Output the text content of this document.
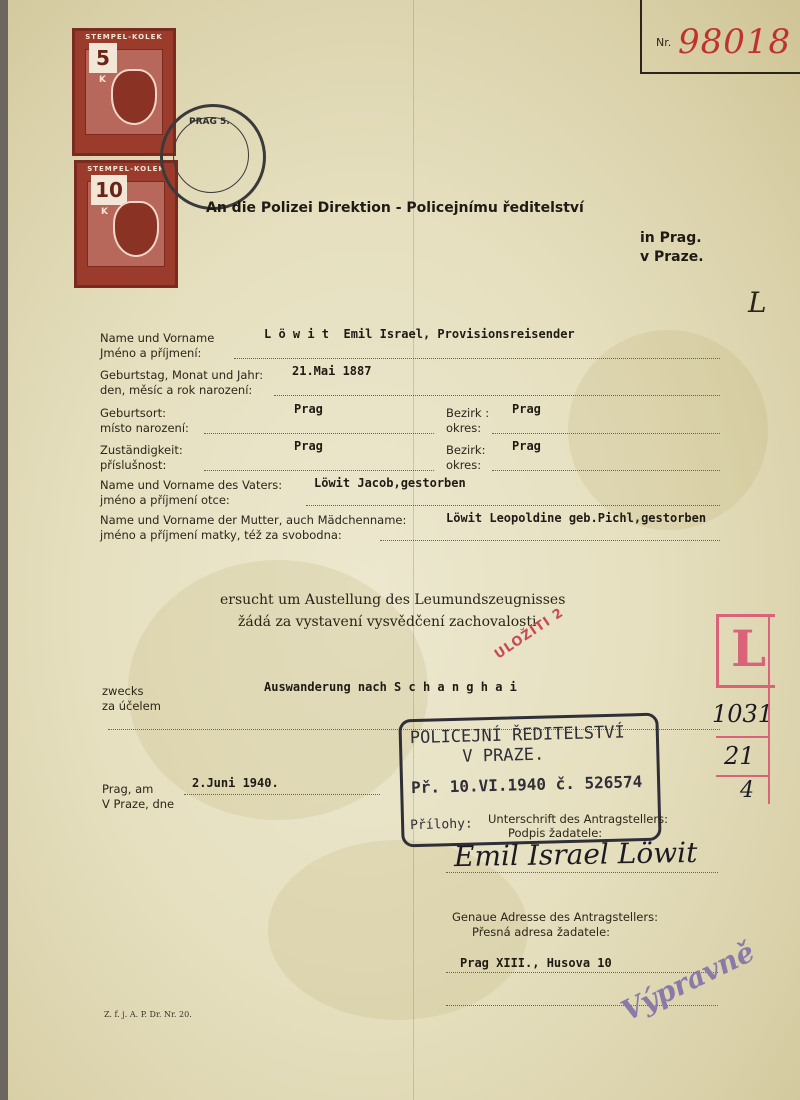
Nr. 98018
STEMPEL-KOLEK
5
K
STEMPEL-KOLEK
10
K
PRAG 5.
An die Polizei Direktion - Policejnímu ředitelství
in Prag.
v Praze.
L
Name und Vorname
Jméno a příjmení:
L ö w i t  Emil Israel, Provisionsreisender
Geburtstag, Monat und Jahr:
den, měsíc a rok narození:
21.Mai 1887
Geburtsort:
místo narození:
Prag	Bezirk :
okres:
Prag
Zuständigkeit:
příslušnost:
Prag	Bezirk:
okres:
Prag
Name und Vorname des Vaters:
jméno a příjmení otce:
Löwit Jacob,gestorben
Name und Vorname der Mutter, auch Mädchenname:
jméno a příjmení matky, též za svobodna:
Löwit Leopoldine geb.Pichl,gestorben
ersucht um Austellung des Leumundszeugnisses
žádá za vystavení vysvědčení zachovalosti
zwecks
za účelem
Auswanderung nach S c h a n g h a i
Prag, am
V Praze, dne
2.Juni 1940.
POLICEJNÍ ŘEDITELSTVÍ
V PRAZE.
Př. 10.VI.1940 č. 526574
Přílohy:
ULOŽITI 2
Unterschrift des Antragstellers:
Podpis žadatele:
Emil Israel Löwit
Genaue Adresse des Antragstellers:
Přesná adresa žadatele:
Prag XIII., Husova 10 Výpravně
L
1031
21
4
Z. f. j. A. P. Dr. Nr. 20.
